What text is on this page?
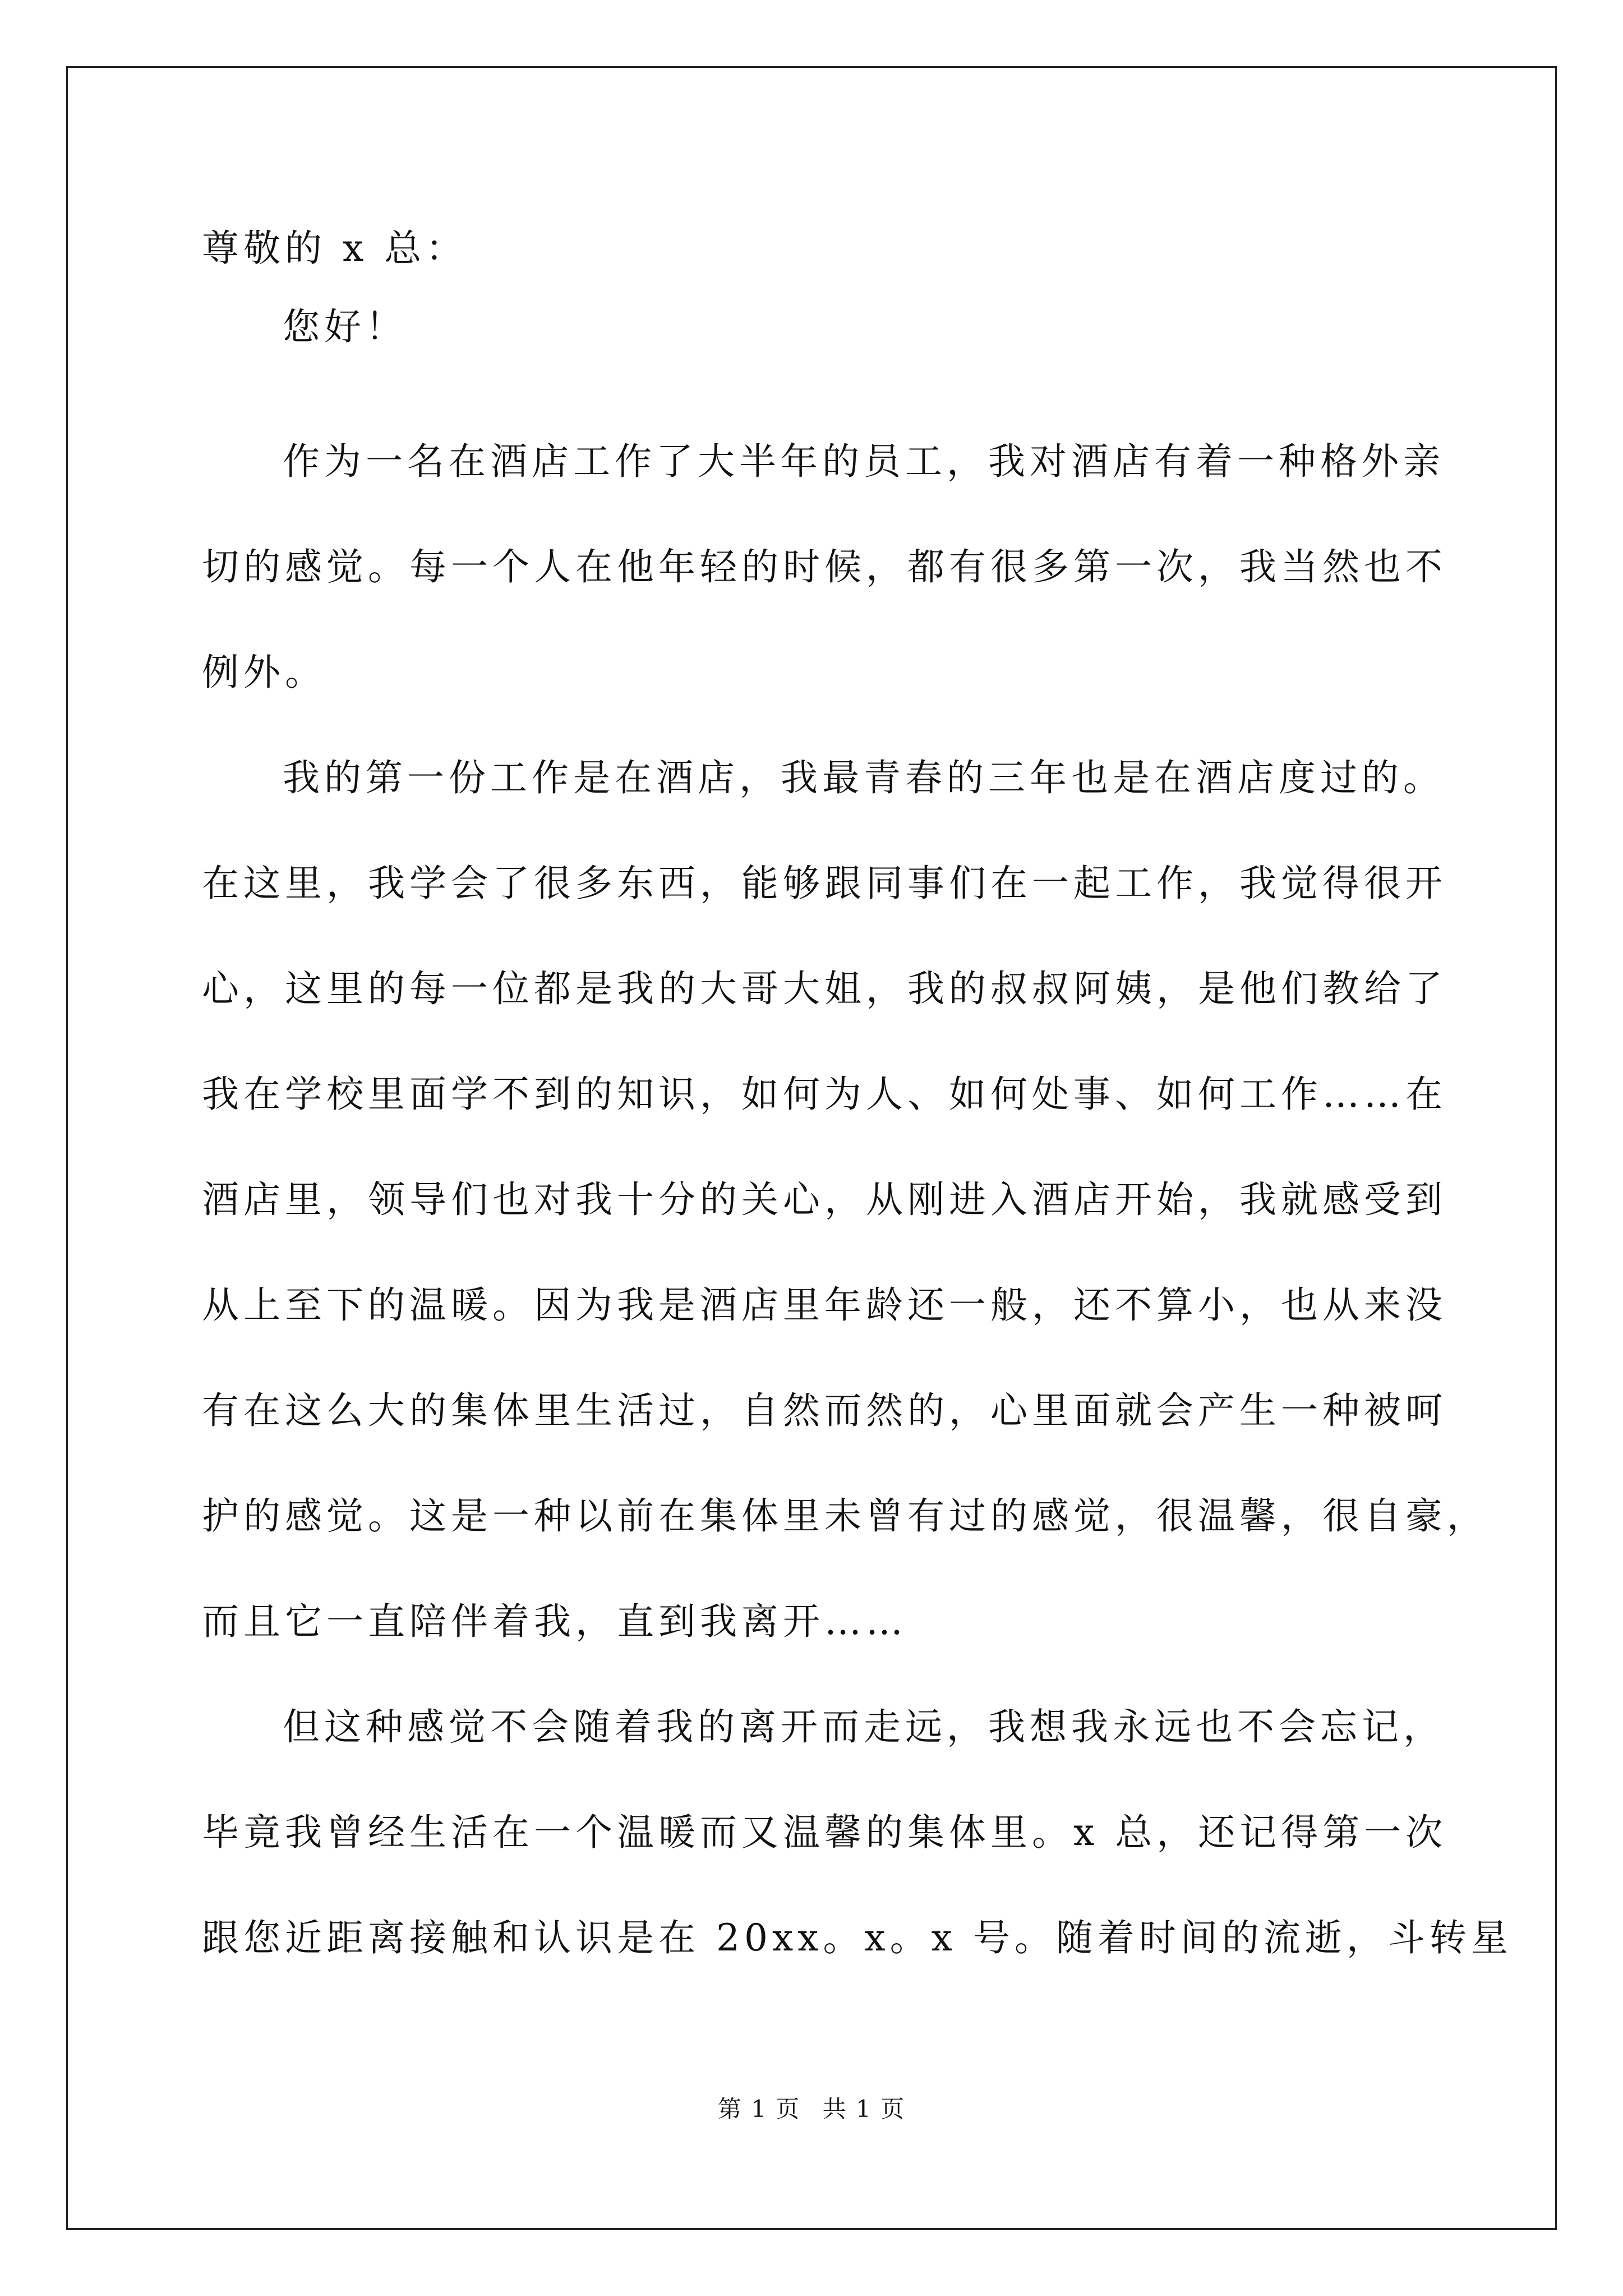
尊敬的 x 总：
您好！
作为一名在酒店工作了大半年的员工，我对酒店有着一种格外亲
切的感觉。每一个人在他年轻的时候，都有很多第一次，我当然也不
例外。
我的第一份工作是在酒店，我最青春的三年也是在酒店度过的。
在这里，我学会了很多东西，能够跟同事们在一起工作，我觉得很开
心，这里的每一位都是我的大哥大姐，我的叔叔阿姨，是他们教给了
我在学校里面学不到的知识，如何为人、如何处事、如何工作……在
酒店里，领导们也对我十分的关心，从刚进入酒店开始，我就感受到
从上至下的温暖。因为我是酒店里年龄还一般，还不算小，也从来没
有在这么大的集体里生活过，自然而然的，心里面就会产生一种被呵
护的感觉。这是一种以前在集体里未曾有过的感觉，很温馨，很自豪，
而且它一直陪伴着我，直到我离开……
但这种感觉不会随着我的离开而走远，我想我永远也不会忘记，
毕竟我曾经生活在一个温暖而又温馨的集体里。x 总，还记得第一次
跟您近距离接触和认识是在 20xx。x。x 号。随着时间的流逝，斗转星
第 1 页 共 1 页
